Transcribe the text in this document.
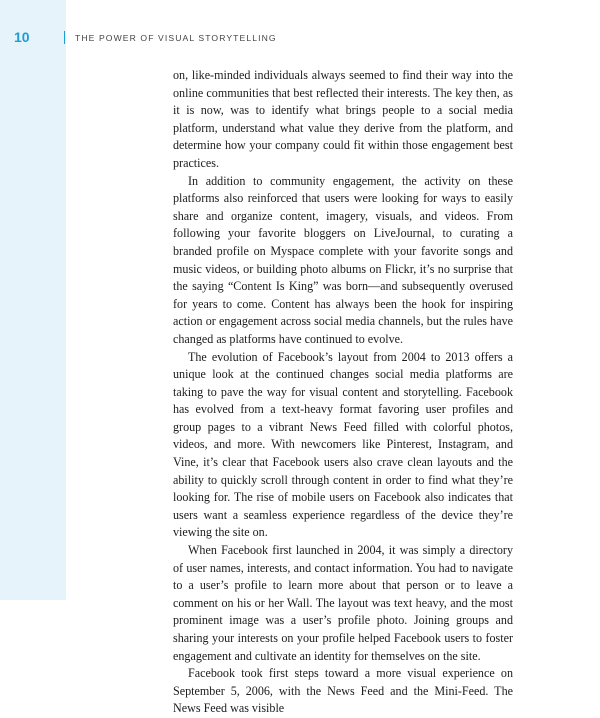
10	THE POWER OF VISUAL STORYTELLING

on, like-minded individuals always seemed to find their way into the online communities that best reflected their interests. The key then, as it is now, was to identify what brings people to a social media platform, understand what value they derive from the platform, and determine how your company could fit within those engagement best practices.

In addition to community engagement, the activity on these platforms also reinforced that users were looking for ways to easily share and organize content, imagery, visuals, and videos. From following your favorite bloggers on LiveJournal, to curating a branded profile on Myspace complete with your favorite songs and music videos, or building photo albums on Flickr, it’s no surprise that the saying “Content Is King” was born—and subsequently overused for years to come. Content has always been the hook for inspiring action or engagement across social media channels, but the rules have changed as platforms have continued to evolve.

The evolution of Facebook’s layout from 2004 to 2013 offers a unique look at the continued changes social media platforms are taking to pave the way for visual content and storytelling. Facebook has evolved from a text-heavy format favoring user profiles and group pages to a vibrant News Feed filled with colorful photos, videos, and more. With newcomers like Pinterest, Instagram, and Vine, it’s clear that Facebook users also crave clean layouts and the ability to quickly scroll through content in order to find what they’re looking for. The rise of mobile users on Facebook also indicates that users want a seamless experience regardless of the device they’re viewing the site on.

When Facebook first launched in 2004, it was simply a directory of user names, interests, and contact information. You had to navigate to a user’s profile to learn more about that person or to leave a comment on his or her Wall. The layout was text heavy, and the most prominent image was a user’s profile photo. Joining groups and sharing your interests on your profile helped Facebook users to foster engagement and cultivate an identity for themselves on the site.

Facebook took first steps toward a more visual experience on September 5, 2006, with the News Feed and the Mini-Feed. The News Feed was visible
